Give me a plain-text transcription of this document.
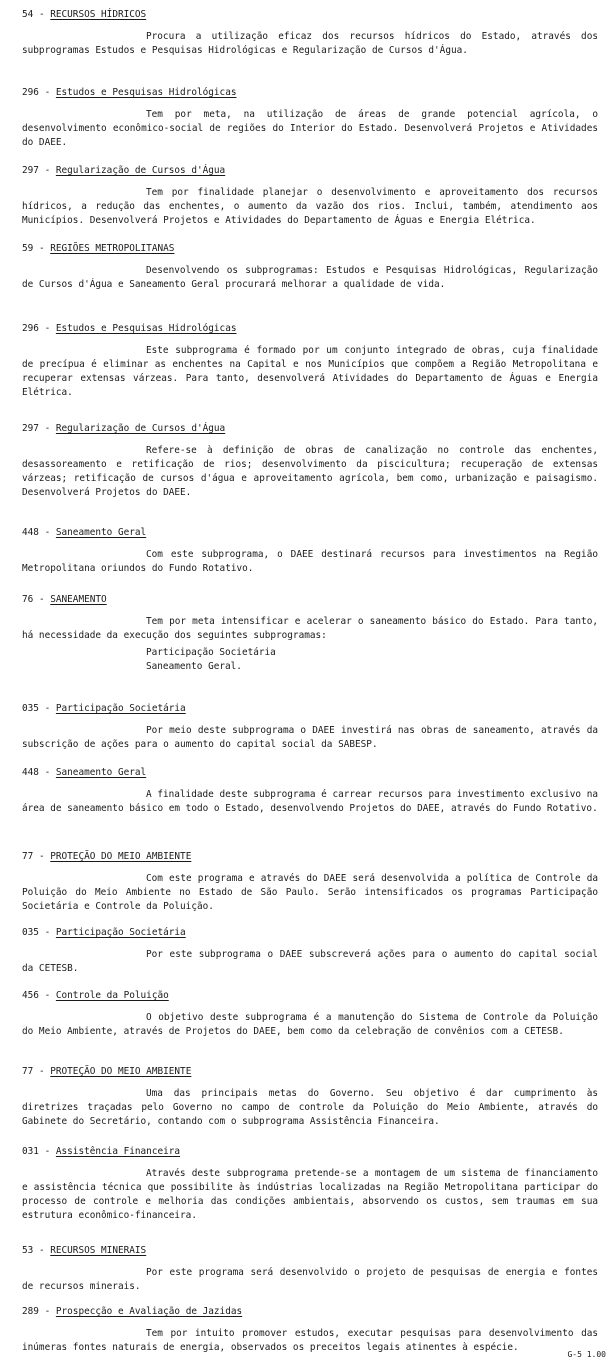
54 - RECURSOS HÍDRICOS
Procura a utilização eficaz dos recursos hídricos do Estado, através dos subprogramas Estudos e Pesquisas Hidrológicas e Regularização de Cursos d'Água.
296 - Estudos e Pesquisas Hidrológicas
Tem por meta, na utilização de áreas de grande potencial agrícola, o desenvolvimento econômico-social de regiões do Interior do Estado. Desenvolverá Projetos e Atividades do DAEE.
297 - Regularização de Cursos d'Água
Tem por finalidade planejar o desenvolvimento e aproveitamento dos recursos hídricos, a redução das enchentes, o aumento da vazão dos rios. Inclui, também, atendimento aos Municípios. Desenvolverá Projetos e Atividades do Departamento de Águas e Energia Elétrica.
59 - REGIÕES METROPOLITANAS
Desenvolvendo os subprogramas: Estudos e Pesquisas Hidrológicas, Regularização de Cursos d'Água e Saneamento Geral procurará melhorar a qualidade de vida.
296 - Estudos e Pesquisas Hidrológicas
Este subprograma é formado por um conjunto integrado de obras, cuja finalidade de precípua é eliminar as enchentes na Capital e nos Municípios que compõem a Região Metropolitana e recuperar extensas várzeas. Para tanto, desenvolverá Atividades do Departamento de Águas e Energia Elétrica.
297 - Regularização de Cursos d'Água
Refere-se à definição de obras de canalização no controle das enchentes, desassoreamento e retificação de rios; desenvolvimento da piscicultura; recuperação de extensas várzeas; retificação de cursos d'água e aproveitamento agrícola, bem como, urbanização e paisagismo. Desenvolverá Projetos do DAEE.
448 - Saneamento Geral
Com este subprograma, o DAEE destinará recursos para investimentos na Região Metropolitana oriundos do Fundo Rotativo.
76 - SANEAMENTO
Tem por meta intensificar e acelerar o saneamento básico do Estado. Para tanto, há necessidade da execução dos seguintes subprogramas:
Participação Societária
Saneamento Geral.
035 - Participação Societária
Por meio deste subprograma o DAEE investirá nas obras de saneamento, através da subscrição de ações para o aumento do capital social da SABESP.
448 - Saneamento Geral
A finalidade deste subprograma é carrear recursos para investimento exclusivo na área de saneamento básico em todo o Estado, desenvolvendo Projetos do DAEE, através do Fundo Rotativo.
77 - PROTEÇÃO DO MEIO AMBIENTE
Com este programa e através do DAEE será desenvolvida a política de Controle da Poluição do Meio Ambiente no Estado de São Paulo. Serão intensificados os programas Participação Societária e Controle da Poluição.
035 - Participação Societária
Por este subprograma o DAEE subscreverá ações para o aumento do capital social da CETESB.
456 - Controle da Poluição
O objetivo deste subprograma é a manutenção do Sistema de Controle da Poluição do Meio Ambiente, através de Projetos do DAEE, bem como da celebração de convênios com a CETESB.
77 - PROTEÇÃO DO MEIO AMBIENTE
Uma das principais metas do Governo. Seu objetivo é dar cumprimento às diretrizes traçadas pelo Governo no campo de controle da Poluição do Meio Ambiente, através do Gabinete do Secretário, contando com o subprograma Assistência Financeira.
031 - Assistência Financeira
Através deste subprograma pretende-se a montagem de um sistema de financiamento e assistência técnica que possibilite às indústrias localizadas na Região Metropolitana participar do processo de controle e melhoria das condições ambientais, absorvendo os custos, sem traumas em sua estrutura econômico-financeira.
53 - RECURSOS MINERAIS
Por este programa será desenvolvido o projeto de pesquisas de energia e fontes de recursos minerais.
289 - Prospecção e Avaliação de Jazidas
Tem por intuito promover estudos, executar pesquisas para desenvolvimento das inúmeras fontes naturais de energia, observados os preceitos legais atinentes à espécie.
G-5 1.00
